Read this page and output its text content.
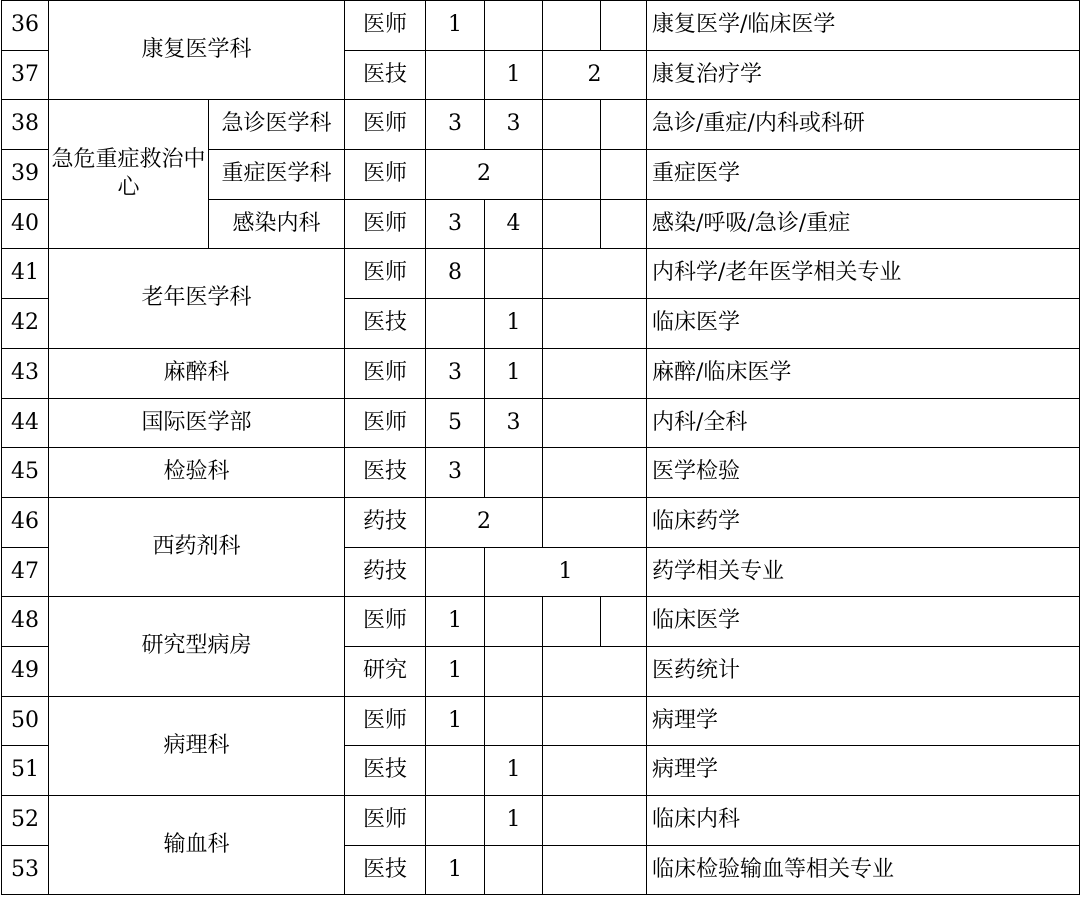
36	康复医学科		医师	1				康复医学/临床医学
37			医技		1	2		康复治疗学
38	急危重症救治中心	急诊医学科	医师	3	3			急诊/重症/内科或科研
39		重症医学科	医师	2				重症医学
40		感染内科	医师	3	4			感染/呼吸/急诊/重症
41	老年医学科		医师	8				内科学/老年医学相关专业
42			医技		1			临床医学
43	麻醉科		医师	3	1			麻醉/临床医学
44	国际医学部		医师	5	3			内科/全科
45	检验科		医技	3				医学检验
46	西药剂科		药技	2				临床药学
47			药技		1			药学相关专业
48	研究型病房		医师	1				临床医学
49			研究	1				医药统计
50	病理科		医师	1				病理学
51			医技		1			病理学
52	输血科		医师		1			临床内科
53			医技	1				临床检验输血等相关专业
